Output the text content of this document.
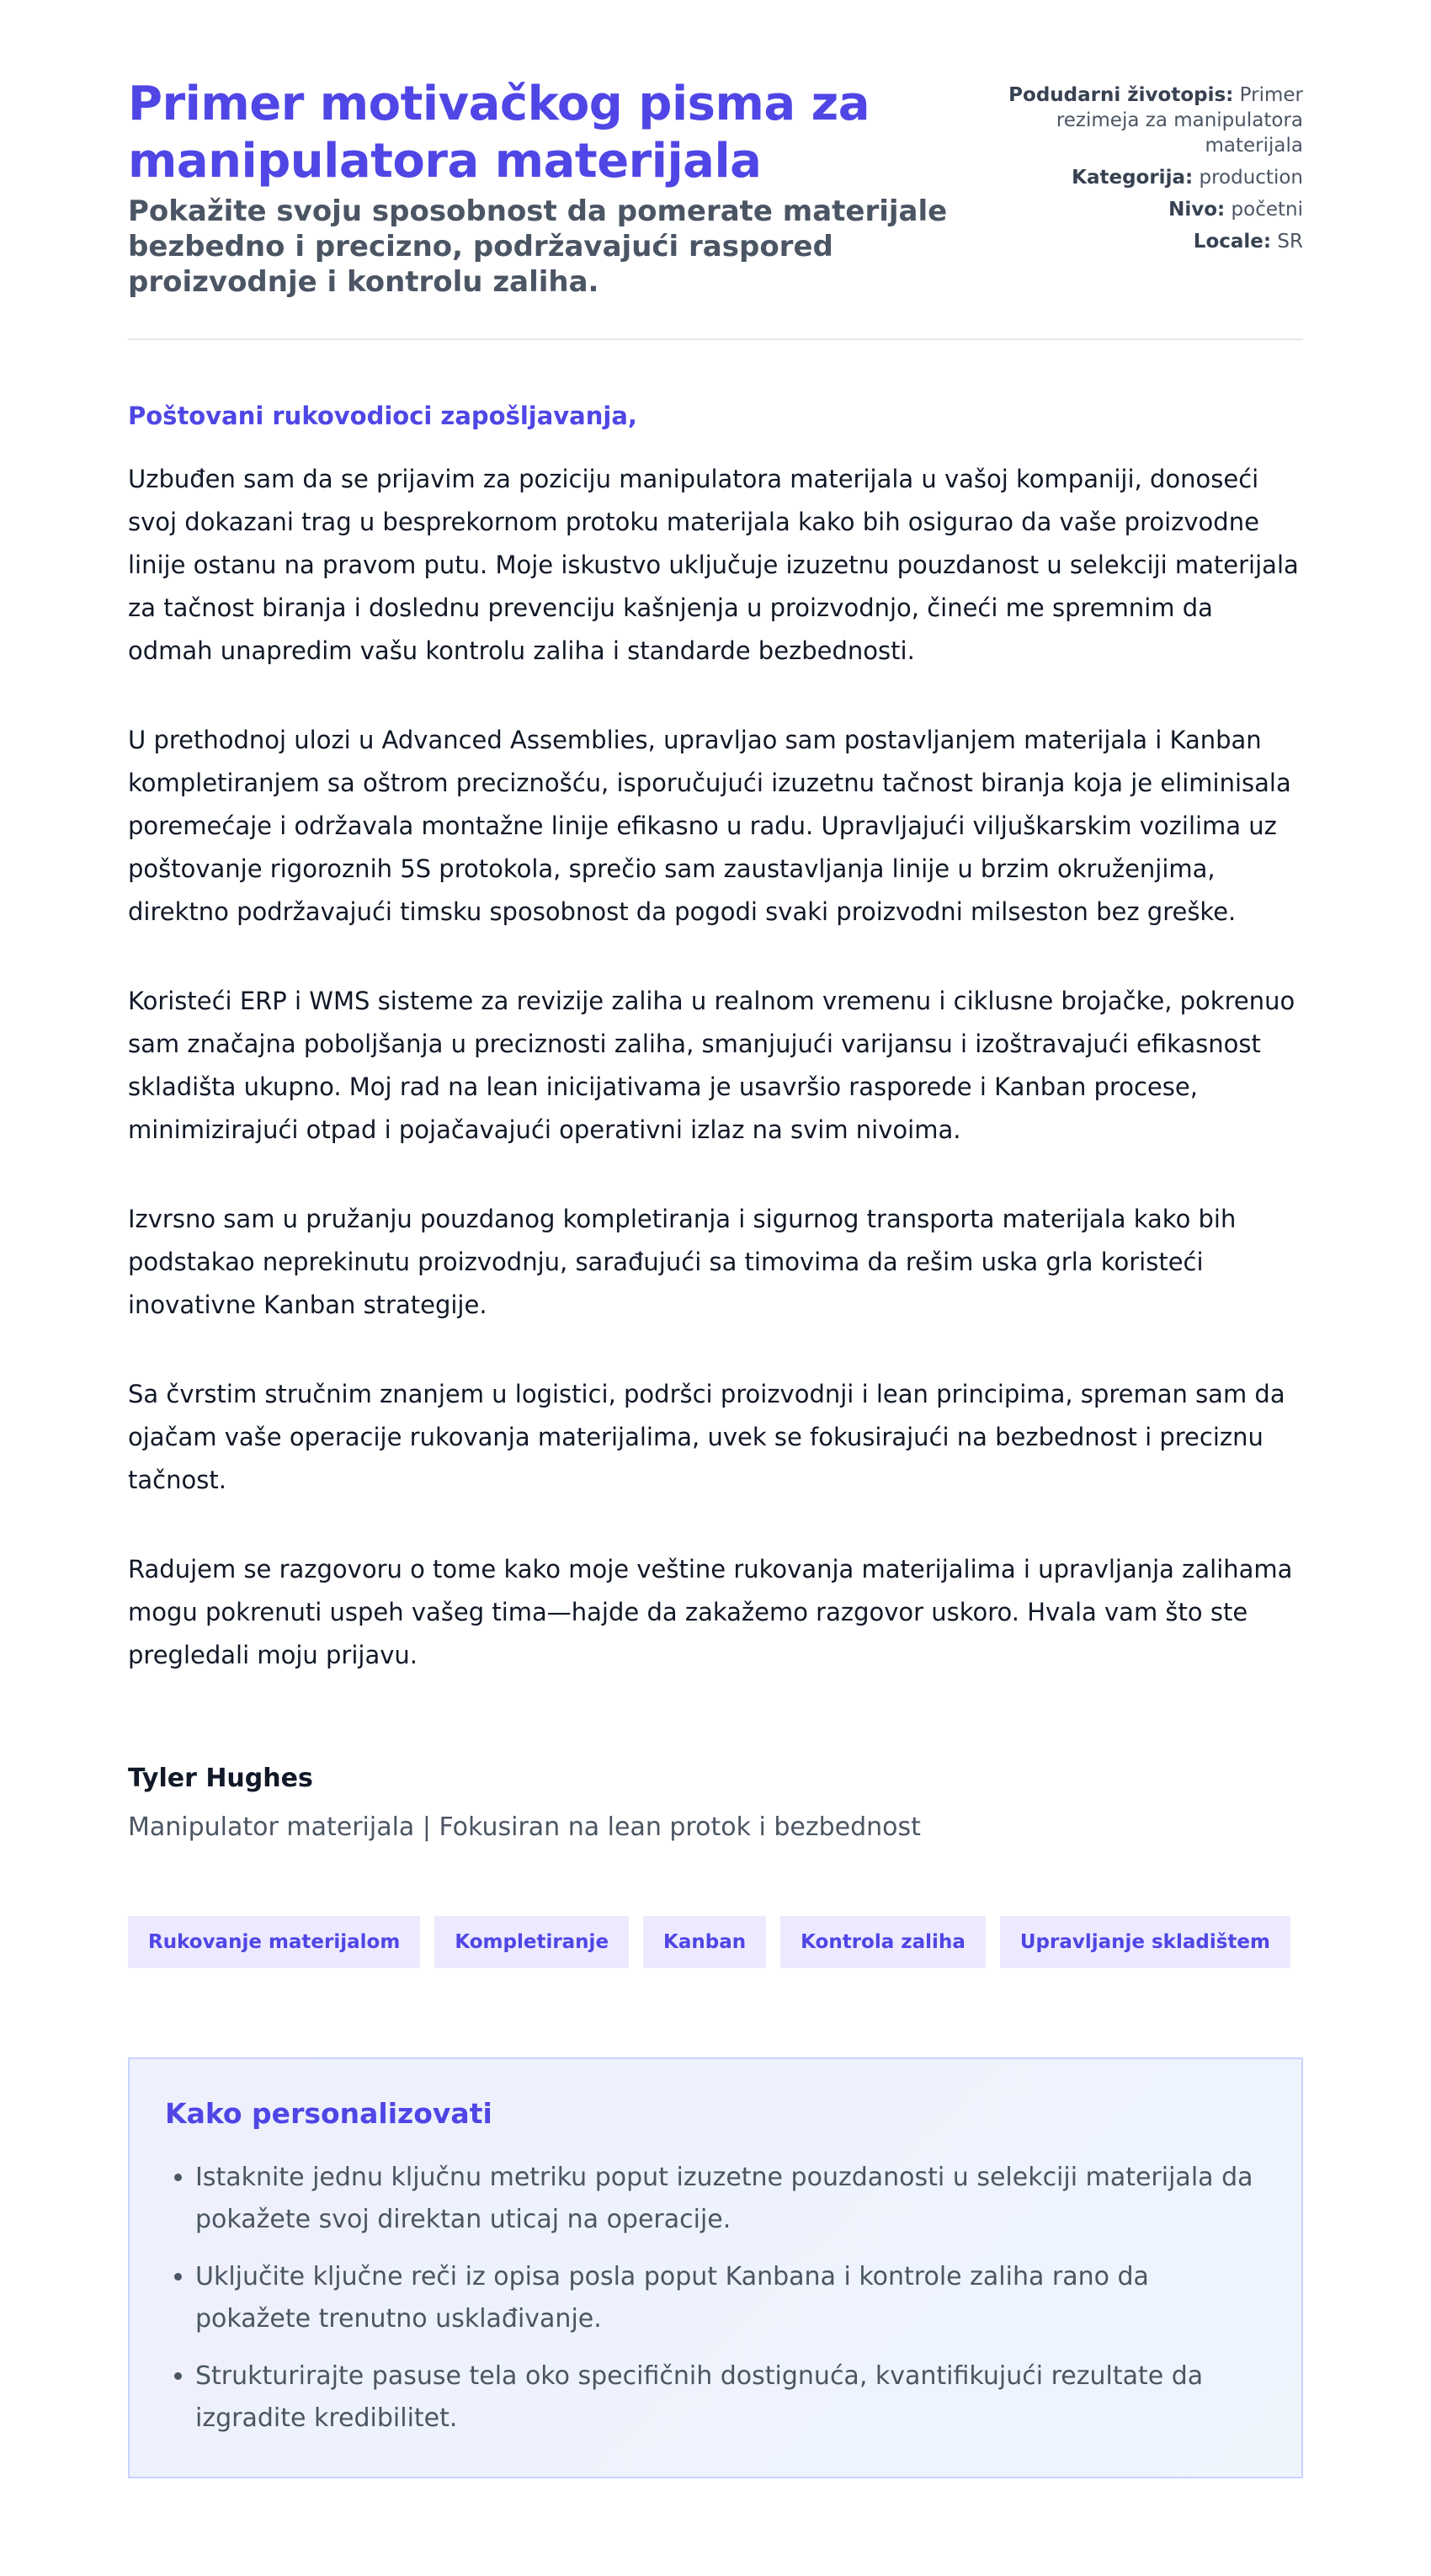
Primer motivačkog pisma za manipulatora materijala

Pokažite svoju sposobnost da pomerate materijale bezbedno i precizno, podržavajući raspored proizvodnje i kontrolu zaliha.

Podudarni životopis: Primer rezimeja za manipulatora materijala
Kategorija: production
Nivo: početni
Locale: SR

Poštovani rukovodioci zapošljavanja,

Uzbuđen sam da se prijavim za poziciju manipulatora materijala u vašoj kompaniji, donoseći svoj dokazani trag u besprekornom protoku materijala kako bih osigurao da vaše proizvodne linije ostanu na pravom putu. Moje iskustvo uključuje izuzetnu pouzdanost u selekciji materijala za tačnost biranja i doslednu prevenciju kašnjenja u proizvodnjo, čineći me spremnim da odmah unapredim vašu kontrolu zaliha i standarde bezbednosti.

U prethodnoj ulozi u Advanced Assemblies, upravljao sam postavljanjem materijala i Kanban kompletiranjem sa oštrom preciznošću, isporučujući izuzetnu tačnost biranja koja je eliminisala poremećaje i održavala montažne linije efikasno u radu. Upravljajući viljuškarskim vozilima uz poštovanje rigoroznih 5S protokola, sprečio sam zaustavljanja linije u brzim okruženjima, direktno podržavajući timsku sposobnost da pogodi svaki proizvodni milseston bez greške.

Koristeći ERP i WMS sisteme za revizije zaliha u realnom vremenu i ciklusne brojačke, pokrenuo sam značajna poboljšanja u preciznosti zaliha, smanjujući varijansu i izoštravajući efikasnost skladišta ukupno. Moj rad na lean inicijativama je usavršio rasporede i Kanban procese, minimizirajući otpad i pojačavajući operativni izlaz na svim nivoima.

Izvrsno sam u pružanju pouzdanog kompletiranja i sigurnog transporta materijala kako bih podstakao neprekinutu proizvodnju, sarađujući sa timovima da rešim uska grla koristeći inovativne Kanban strategije.

Sa čvrstim stručnim znanjem u logistici, podršci proizvodnji i lean principima, spreman sam da ojačam vaše operacije rukovanja materijalima, uvek se fokusirajući na bezbednost i preciznu tačnost.

Radujem se razgovoru o tome kako moje veštine rukovanja materijalima i upravljanja zalihama mogu pokrenuti uspeh vašeg tima—hajde da zakažemo razgovor uskoro. Hvala vam što ste pregledali moju prijavu.

Tyler Hughes
Manipulator materijala | Fokusiran na lean protok i bezbednost
Rukovanje materijalom	Kompletiranje	Kanban	Kontrola zaliha	Upravljanje skladištem
Kako personalizovati
• Istaknite jednu ključnu metriku poput izuzetne pouzdanosti u selekciji materijala da pokažete svoj direktan uticaj na operacije.
• Uključite ključne reči iz opisa posla poput Kanbana i kontrole zaliha rano da pokažete trenutno usklađivanje.
• Strukturirajte pasuse tela oko specifičnih dostignuća, kvantifikujući rezultate da izgradite kredibilitet.
